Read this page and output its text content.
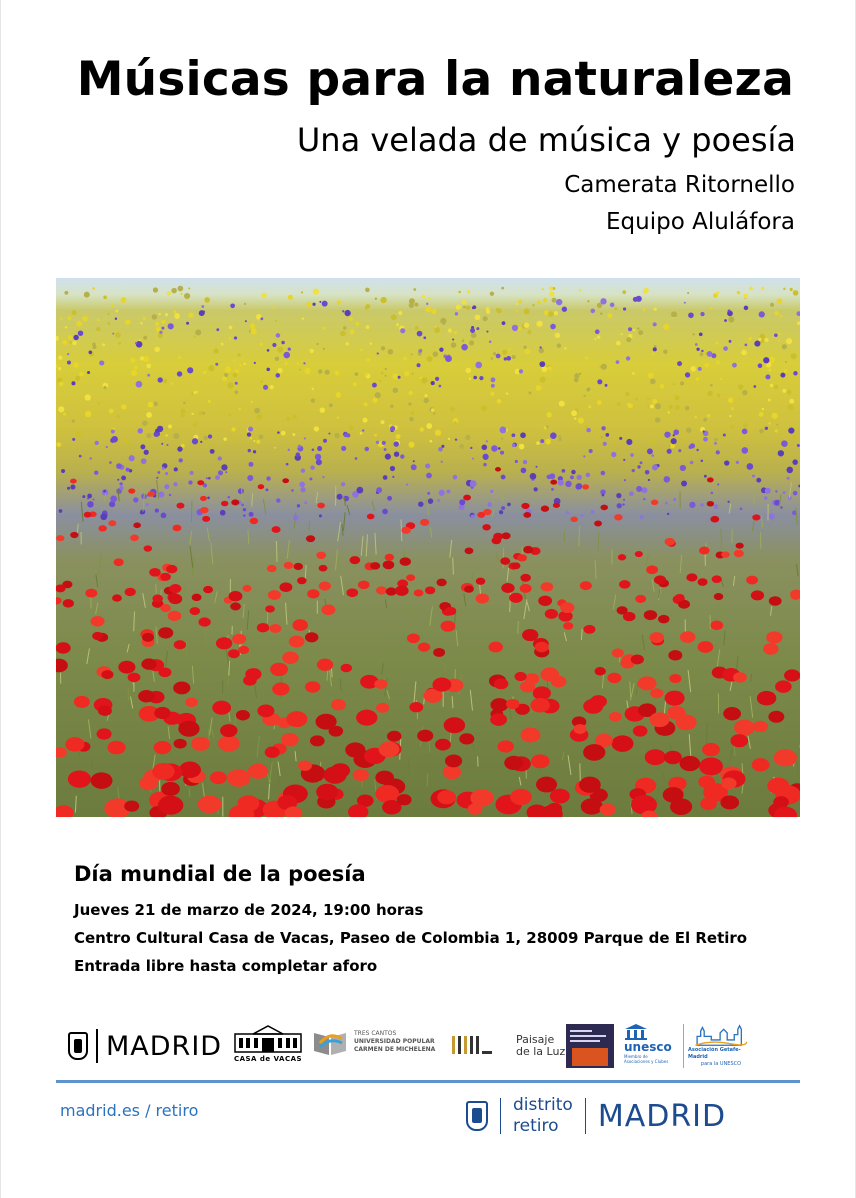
Músicas para la naturaleza
Una velada de música y poesía
Camerata Ritornello
Equipo Aluláfora
Día mundial de la poesía
Jueves 21 de marzo de 2024, 19:00 horas
Centro Cultural Casa de Vacas, Paseo de Colombia 1, 28009 Parque de El Retiro
Entrada libre hasta completar aforo
MADRID CASA de VACAS
TRES CANTOS
UNIVERSIDAD POPULAR
CARMEN DE MICHELENA
Paisaje
de la Luz	unesco
Miembro de
Asociaciones y Clubes
Asociación Getafe-Madrid
para la UNESCO
madrid.es / retiro	distrito
retiro	MADRID
